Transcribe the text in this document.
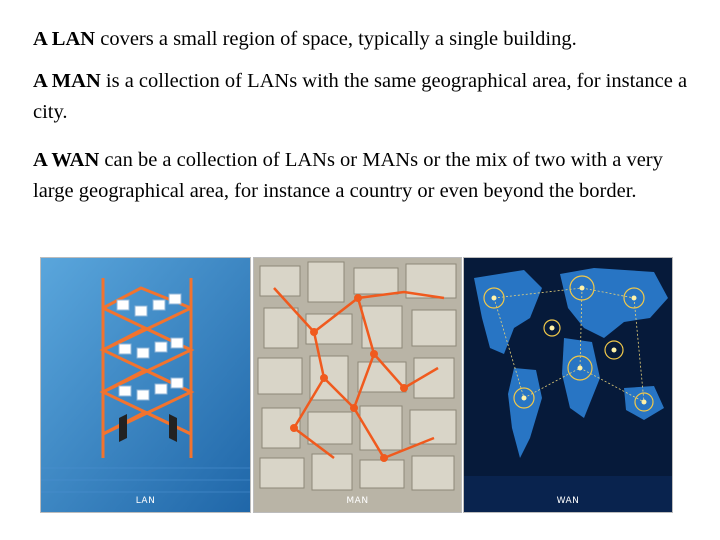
A LAN covers a small region of space, typically a single building.

A MAN is a collection of LANs with the same geographical area, for instance a city.

A WAN can be a collection of LANs or MANs or the mix of two with a very large geographical area, for instance a country or even beyond the border.

LAN	MAN	WAN
